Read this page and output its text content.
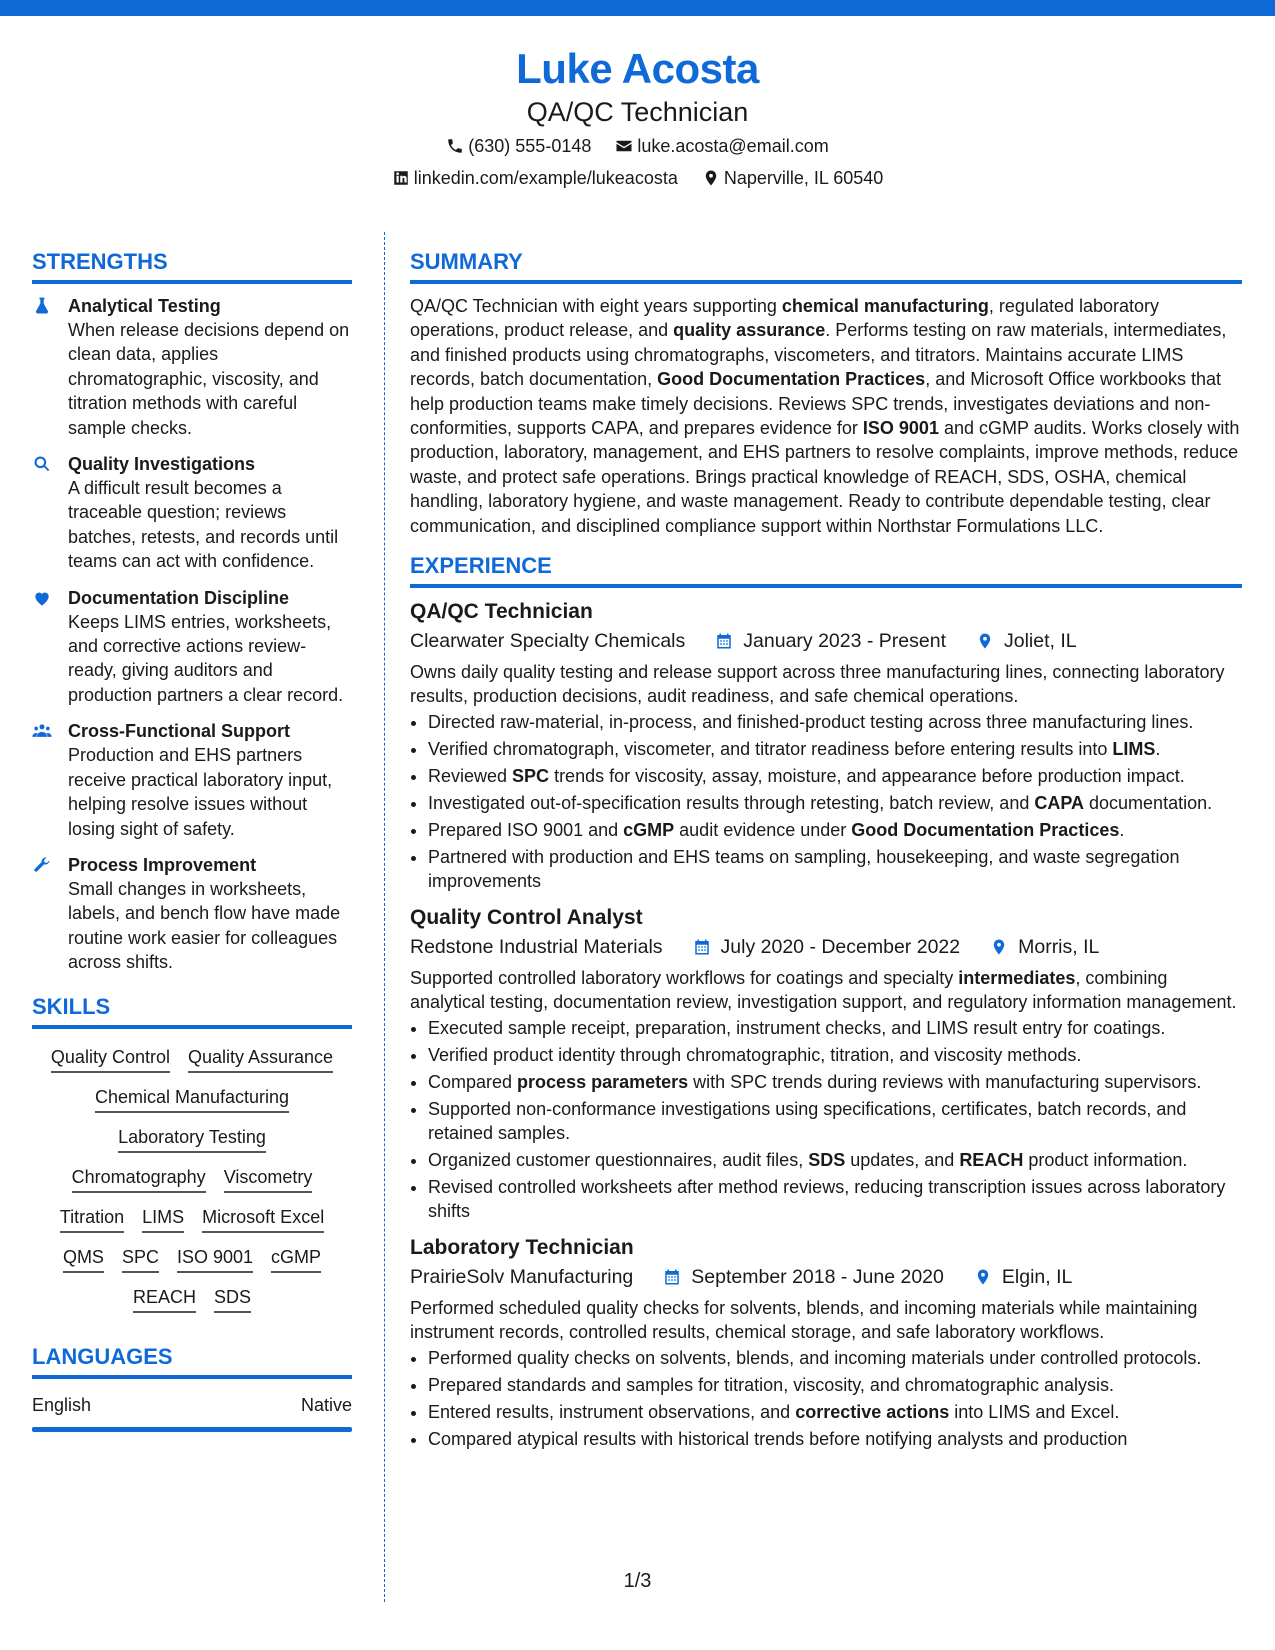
Luke Acosta
QA/QC Technician
(630) 555-0148	luke.acosta@email.com
linkedin.com/example/lukeacosta	Naperville, IL 60540
STRENGTHS
Analytical Testing
When release decisions depend on clean data, applies chromatographic, viscosity, and titration methods with careful sample checks.
Quality Investigations
A difficult result becomes a traceable question; reviews batches, retests, and records until teams can act with confidence.
Documentation Discipline
Keeps LIMS entries, worksheets, and corrective actions review-ready, giving auditors and production partners a clear record.
Cross-Functional Support
Production and EHS partners receive practical laboratory input, helping resolve issues without losing sight of safety.
Process Improvement
Small changes in worksheets, labels, and bench flow have made routine work easier for colleagues across shifts.
SKILLS
Quality Control Quality Assurance
Chemical Manufacturing
Laboratory Testing
Chromatography Viscometry
Titration LIMS Microsoft Excel
QMS SPC ISO 9001 cGMP
REACH SDS
LANGUAGES
English	Native
SUMMARY
QA/QC Technician with eight years supporting chemical manufacturing, regulated laboratory operations, product release, and quality assurance. Performs testing on raw materials, intermediates, and finished products using chromatographs, viscometers, and titrators. Maintains accurate LIMS records, batch documentation, Good Documentation Practices, and Microsoft Office workbooks that help production teams make timely decisions. Reviews SPC trends, investigates deviations and non-conformities, supports CAPA, and prepares evidence for ISO 9001 and cGMP audits. Works closely with production, laboratory, management, and EHS partners to resolve complaints, improve methods, reduce waste, and protect safe operations. Brings practical knowledge of REACH, SDS, OSHA, chemical handling, laboratory hygiene, and waste management. Ready to contribute dependable testing, clear communication, and disciplined compliance support within Northstar Formulations LLC.
EXPERIENCE
QA/QC Technician
Clearwater Specialty Chemicals	January 2023 - Present	Joliet, IL
Owns daily quality testing and release support across three manufacturing lines, connecting laboratory results, production decisions, audit readiness, and safe chemical operations.
• Directed raw-material, in-process, and finished-product testing across three manufacturing lines.
• Verified chromatograph, viscometer, and titrator readiness before entering results into LIMS.
• Reviewed SPC trends for viscosity, assay, moisture, and appearance before production impact.
• Investigated out-of-specification results through retesting, batch review, and CAPA documentation.
• Prepared ISO 9001 and cGMP audit evidence under Good Documentation Practices.
• Partnered with production and EHS teams on sampling, housekeeping, and waste segregation improvements
Quality Control Analyst
Redstone Industrial Materials	July 2020 - December 2022	Morris, IL
Supported controlled laboratory workflows for coatings and specialty intermediates, combining analytical testing, documentation review, investigation support, and regulatory information management.
• Executed sample receipt, preparation, instrument checks, and LIMS result entry for coatings.
• Verified product identity through chromatographic, titration, and viscosity methods.
• Compared process parameters with SPC trends during reviews with manufacturing supervisors.
• Supported non-conformance investigations using specifications, certificates, batch records, and retained samples.
• Organized customer questionnaires, audit files, SDS updates, and REACH product information.
• Revised controlled worksheets after method reviews, reducing transcription issues across laboratory shifts
Laboratory Technician
PrairieSolv Manufacturing	September 2018 - June 2020	Elgin, IL
Performed scheduled quality checks for solvents, blends, and incoming materials while maintaining instrument records, controlled results, chemical storage, and safe laboratory workflows.
• Performed quality checks on solvents, blends, and incoming materials under controlled protocols.
• Prepared standards and samples for titration, viscosity, and chromatographic analysis.
• Entered results, instrument observations, and corrective actions into LIMS and Excel.
• Compared atypical results with historical trends before notifying analysts and production
1/3
